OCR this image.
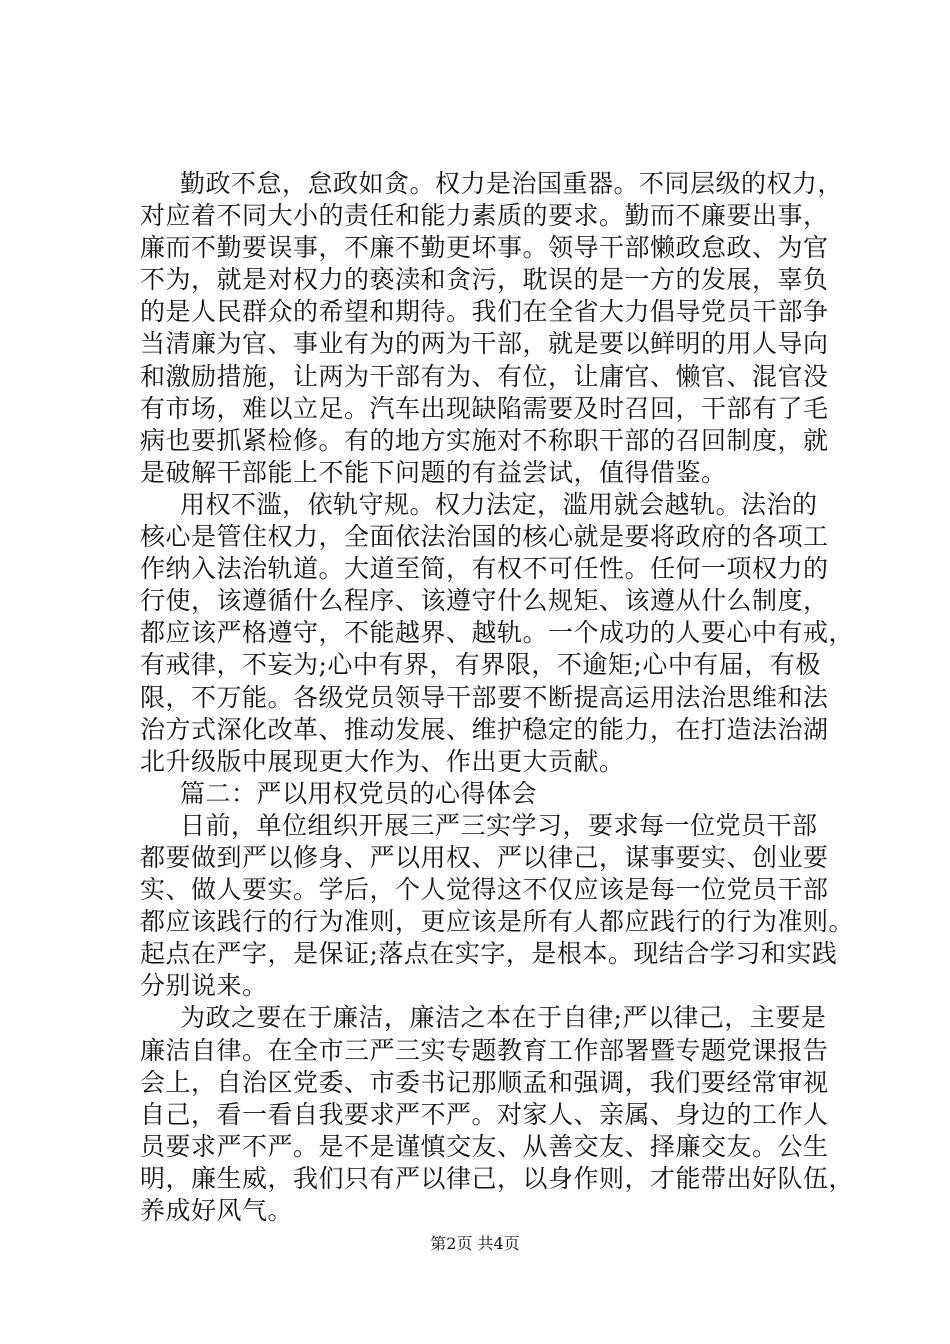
勤政不怠，怠政如贪。权力是治国重器。不同层级的权力，
对应着不同大小的责任和能力素质的要求。勤而不廉要出事，
廉而不勤要误事，不廉不勤更坏事。领导干部懒政怠政、为官
不为，就是对权力的亵渎和贪污，耽误的是一方的发展，辜负
的是人民群众的希望和期待。我们在全省大力倡导党员干部争
当清廉为官、事业有为的两为干部，就是要以鲜明的用人导向
和激励措施，让两为干部有为、有位，让庸官、懒官、混官没
有市场，难以立足。汽车出现缺陷需要及时召回，干部有了毛
病也要抓紧检修。有的地方实施对不称职干部的召回制度，就
是破解干部能上不能下问题的有益尝试，值得借鉴。
用权不滥，依轨守规。权力法定，滥用就会越轨。法治的
核心是管住权力，全面依法治国的核心就是要将政府的各项工
作纳入法治轨道。大道至简，有权不可任性。任何一项权力的
行使，该遵循什么程序、该遵守什么规矩、该遵从什么制度，
都应该严格遵守，不能越界、越轨。一个成功的人要心中有戒，
有戒律，不妄为;心中有界，有界限，不逾矩;心中有届，有极
限，不万能。各级党员领导干部要不断提高运用法治思维和法
治方式深化改革、推动发展、维护稳定的能力，在打造法治湖
北升级版中展现更大作为、作出更大贡献。
篇二：严以用权党员的心得体会
日前，单位组织开展三严三实学习，要求每一位党员干部
都要做到严以修身、严以用权、严以律己，谋事要实、创业要
实、做人要实。学后，个人觉得这不仅应该是每一位党员干部
都应该践行的行为准则，更应该是所有人都应践行的行为准则。
起点在严字，是保证;落点在实字，是根本。现结合学习和实践
分别说来。
为政之要在于廉洁，廉洁之本在于自律;严以律己，主要是
廉洁自律。在全市三严三实专题教育工作部署暨专题党课报告
会上，自治区党委、市委书记那顺孟和强调，我们要经常审视
自己，看一看自我要求严不严。对家人、亲属、身边的工作人
员要求严不严。是不是谨慎交友、从善交友、择廉交友。公生
明，廉生威，我们只有严以律己，以身作则，才能带出好队伍，
养成好风气。
第2页 共4页
